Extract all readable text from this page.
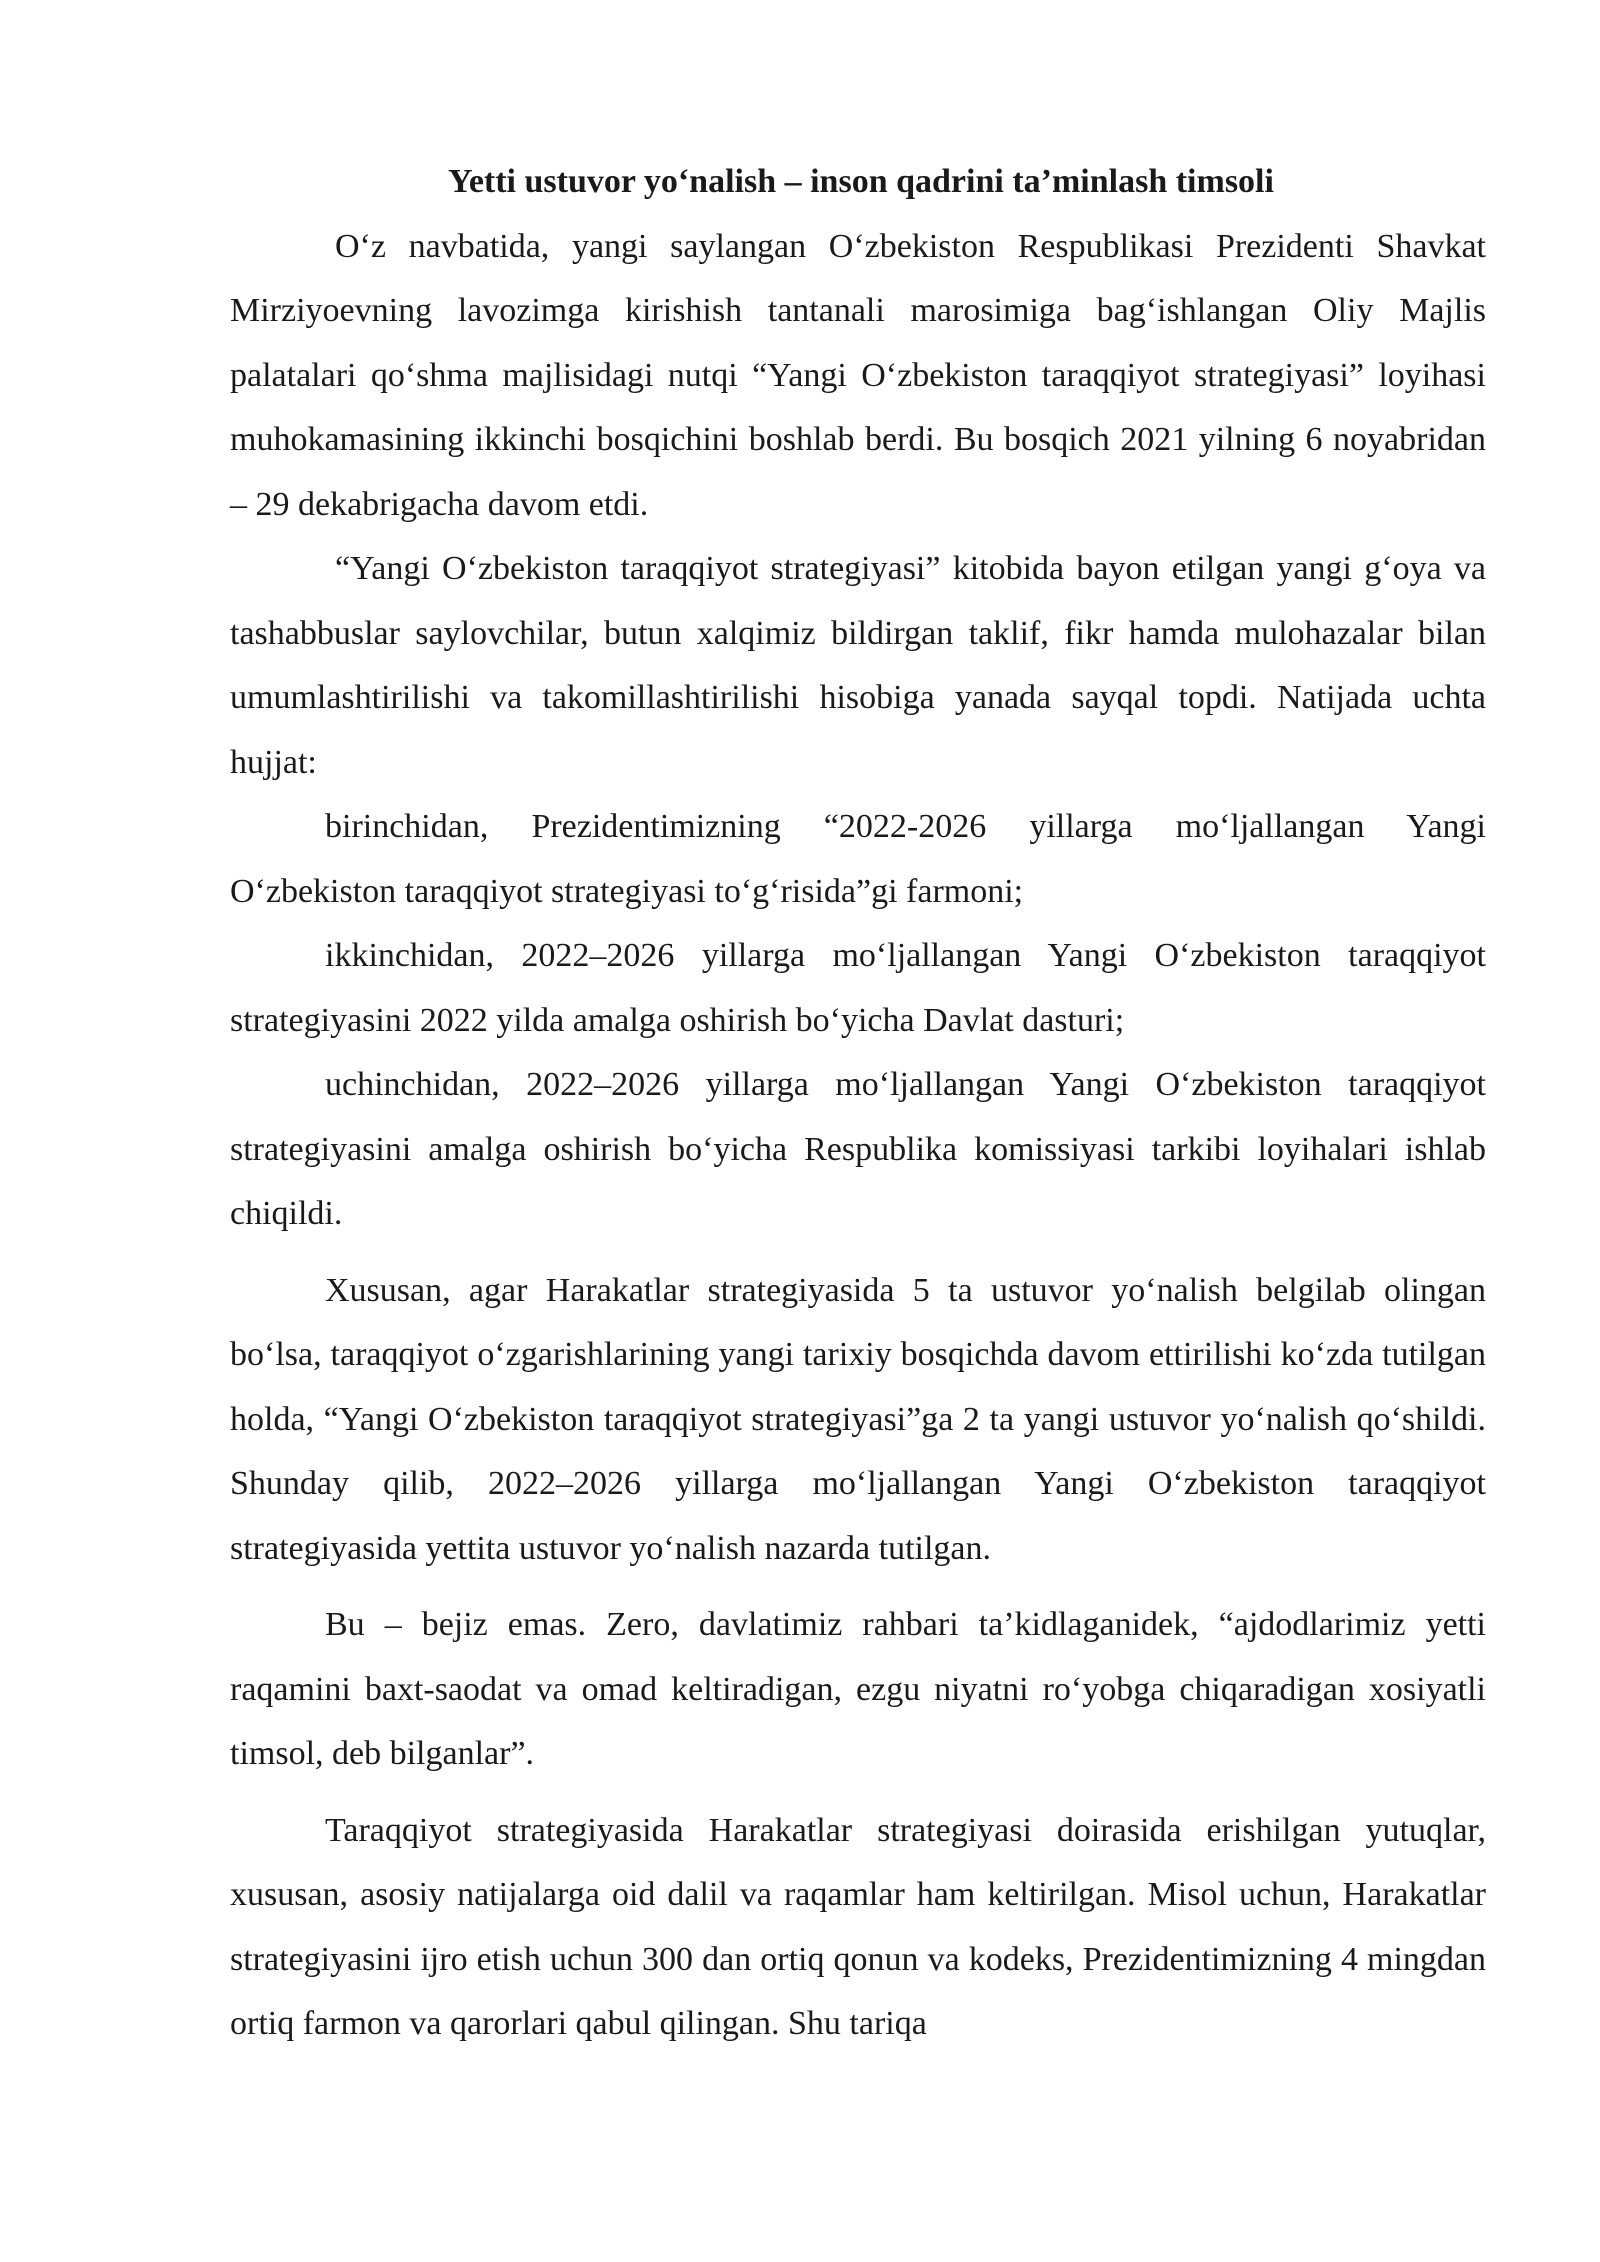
Yetti ustuvor yo‘nalish – inson qadrini ta’minlash timsoli

O‘z navbatida, yangi saylangan O‘zbekiston Respublikasi Prezidenti Shavkat Mirziyoevning lavozimga kirishish tantanali marosimiga bag‘ishlangan Oliy Majlis palatalari qo‘shma majlisidagi nutqi “Yangi O‘zbekiston taraqqiyot strategiyasi” loyihasi muhokamasining ikkinchi bosqichini boshlab berdi. Bu bosqich 2021 yilning 6 noyabridan – 29 dekabrigacha davom etdi.

“Yangi O‘zbekiston taraqqiyot strategiyasi” kitobida bayon etilgan yangi g‘oya va tashabbuslar saylovchilar, butun xalqimiz bildirgan taklif, fikr hamda mulohazalar bilan umumlashtirilishi va takomillashtirilishi hisobiga yanada sayqal topdi. Natijada uchta hujjat:

birinchidan, Prezidentimizning “2022-2026 yillarga mo‘ljallangan Yangi O‘zbekiston taraqqiyot strategiyasi to‘g‘risida”gi farmoni;

ikkinchidan, 2022–2026 yillarga mo‘ljallangan Yangi O‘zbekiston taraqqiyot strategiyasini 2022 yilda amalga oshirish bo‘yicha Davlat dasturi;

uchinchidan, 2022–2026 yillarga mo‘ljallangan Yangi O‘zbekiston taraqqiyot strategiyasini amalga oshirish bo‘yicha Respublika komissiyasi tarkibi loyihalari ishlab chiqildi.

Xususan, agar Harakatlar strategiyasida 5 ta ustuvor yo‘nalish belgilab olingan bo‘lsa, taraqqiyot o‘zgarishlarining yangi tarixiy bosqichda davom ettirilishi ko‘zda tutilgan holda, “Yangi O‘zbekiston taraqqiyot strategiyasi”ga 2 ta yangi ustuvor yo‘nalish qo‘shildi. Shunday qilib, 2022–2026 yillarga mo‘ljallangan Yangi O‘zbekiston taraqqiyot strategiyasida yettita ustuvor yo‘nalish nazarda tutilgan.

Bu – bejiz emas. Zero, davlatimiz rahbari ta’kidlaganidek, “ajdodlarimiz yetti raqamini baxt-saodat va omad keltiradigan, ezgu niyatni ro‘yobga chiqaradigan xosiyatli timsol, deb bilganlar”.

Taraqqiyot strategiyasida Harakatlar strategiyasi doirasida erishilgan yutuqlar, xususan, asosiy natijalarga oid dalil va raqamlar ham keltirilgan. Misol uchun, Harakatlar strategiyasini ijro etish uchun 300 dan ortiq qonun va kodeks, Prezidentimizning 4 mingdan ortiq farmon va qarorlari qabul qilingan. Shu tariqa
